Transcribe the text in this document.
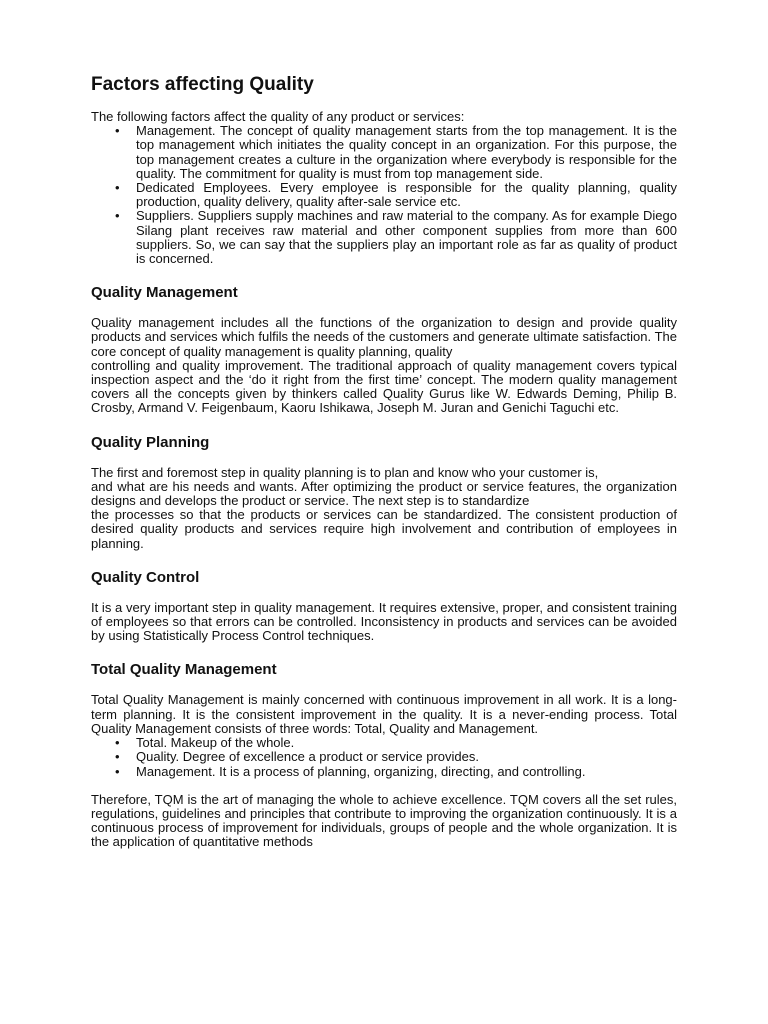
Factors affecting Quality

The following factors affect the quality of any product or services:

• Management. The concept of quality management starts from the top management. It is the top management which initiates the quality concept in an organization. For this purpose, the top management creates a culture in the organization where everybody is responsible for the quality. The commitment for quality is must from top management side.
• Dedicated Employees. Every employee is responsible for the quality planning, quality production, quality delivery, quality after-sale service etc.
• Suppliers. Suppliers supply machines and raw material to the company. As for example Diego Silang plant receives raw material and other component supplies from more than 600 suppliers. So, we can say that the suppliers play an important role as far as quality of product is concerned.
Quality Management

Quality management includes all the functions of the organization to design and provide quality products and services which fulfils the needs of the customers and generate ultimate satisfaction. The core concept of quality management is quality planning, quality

controlling and quality improvement. The traditional approach of quality management covers typical inspection aspect and the ‘do it right from the first time’ concept. The modern quality management covers all the concepts given by thinkers called Quality Gurus like W. Edwards Deming, Philip B. Crosby, Armand V. Feigenbaum, Kaoru Ishikawa, Joseph M. Juran and Genichi Taguchi etc.

Quality Planning

The first and foremost step in quality planning is to plan and know who your customer is,

and what are his needs and wants. After optimizing the product or service features, the organization designs and develops the product or service. The next step is to standardize

the processes so that the products or services can be standardized. The consistent production of desired quality products and services require high involvement and contribution of employees in planning.

Quality Control

It is a very important step in quality management. It requires extensive, proper, and consistent training of employees so that errors can be controlled. Inconsistency in products and services can be avoided by using Statistically Process Control techniques.

Total Quality Management

Total Quality Management is mainly concerned with continuous improvement in all work. It is a long-term planning. It is the consistent improvement in the quality. It is a never-ending process. Total Quality Management consists of three words: Total, Quality and Management.

• Total. Makeup of the whole.
• Quality. Degree of excellence a product or service provides.
• Management. It is a process of planning, organizing, directing, and controlling.

Therefore, TQM is the art of managing the whole to achieve excellence. TQM covers all the set rules, regulations, guidelines and principles that contribute to improving the organization continuously. It is a continuous process of improvement for individuals, groups of people and the whole organization. It is the application of quantitative methods
